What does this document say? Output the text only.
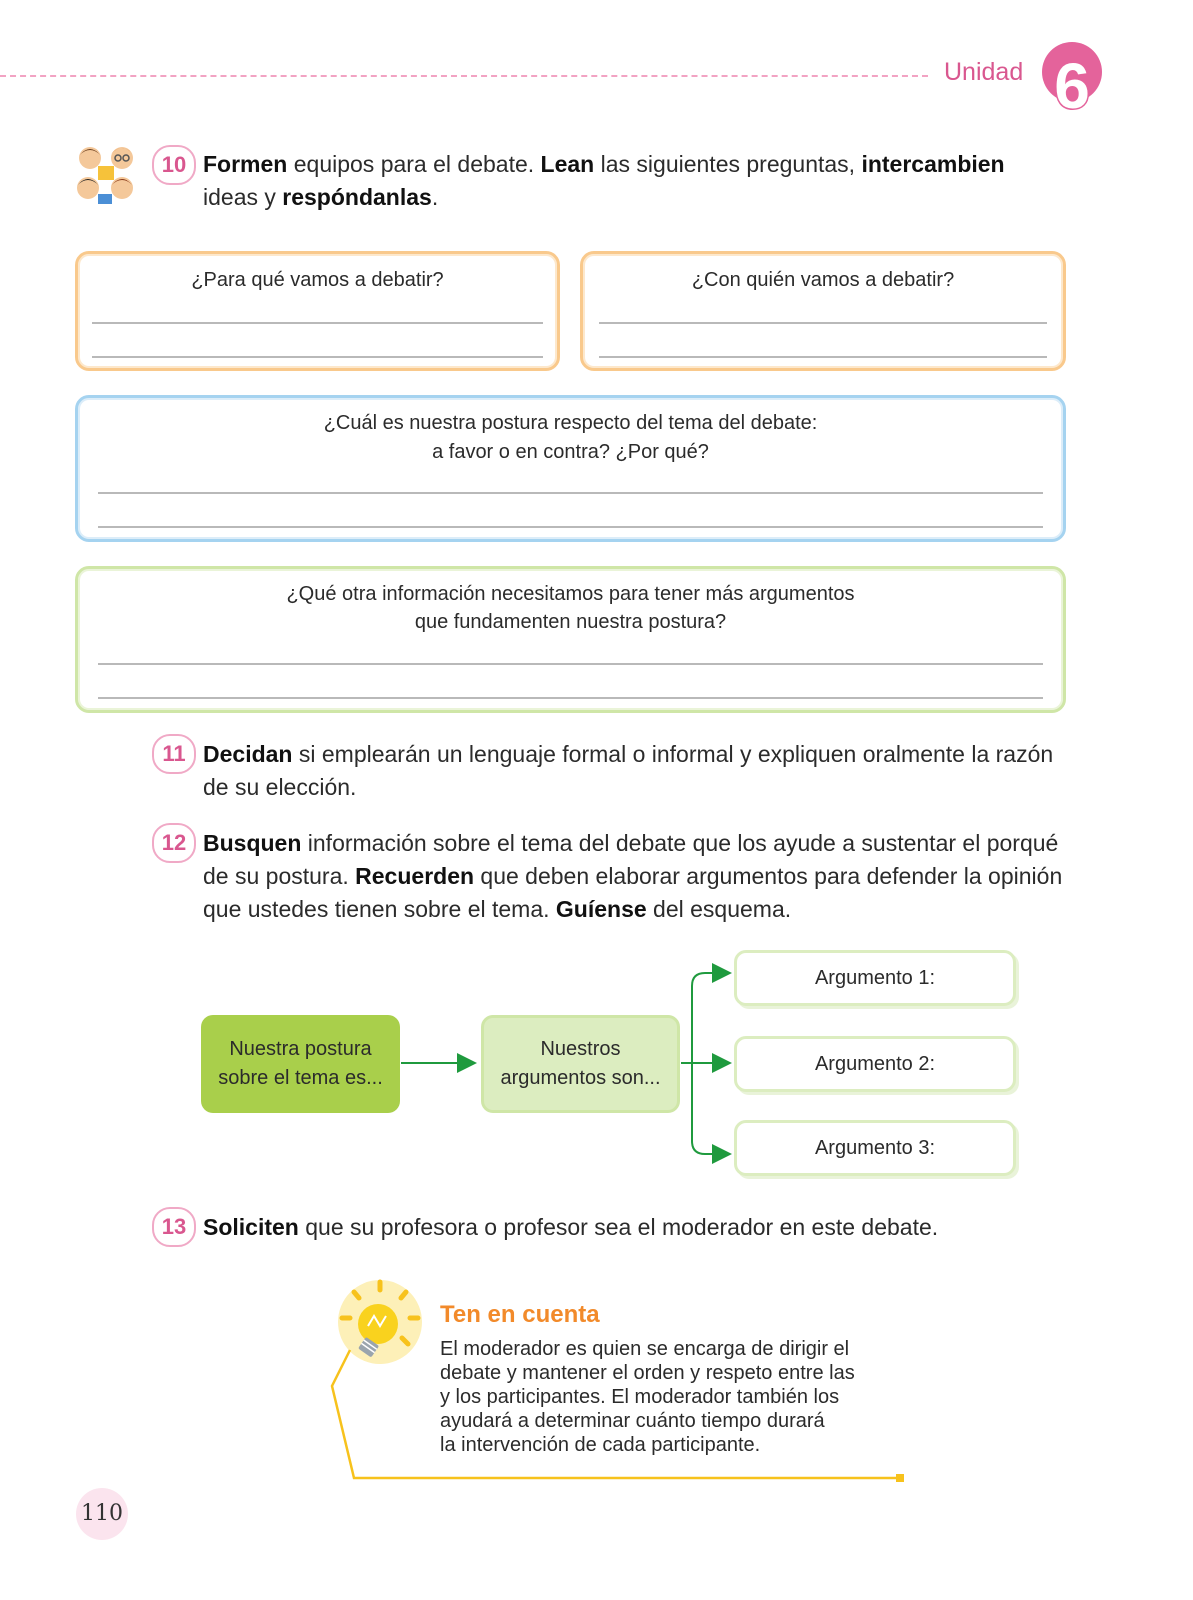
Unidad 6
10 Formen equipos para el debate. Lean las siguientes preguntas, intercambien ideas y respóndanlas.
¿Para qué vamos a debatir?	¿Con quién vamos a debatir?
¿Cuál es nuestra postura respecto del tema del debate:
a favor o en contra? ¿Por qué?
¿Qué otra información necesitamos para tener más argumentos
que fundamenten nuestra postura?
11 Decidan si emplearán un lenguaje formal o informal y expliquen oralmente la razón de su elección.
12 Busquen información sobre el tema del debate que los ayude a sustentar el porqué de su postura. Recuerden que deben elaborar argumentos para defender la opinión que ustedes tienen sobre el tema. Guíense del esquema.
Nuestra postura
sobre el tema es...
Nuestros
argumentos son...
Argumento 1:
Argumento 2:
Argumento 3:
13 Soliciten que su profesora o profesor sea el moderador en este debate.
Ten en cuenta
El moderador es quien se encarga de dirigir el
debate y mantener el orden y respeto entre las
y los participantes. El moderador también los
ayudará a determinar cuánto tiempo durará
la intervención de cada participante.
110
